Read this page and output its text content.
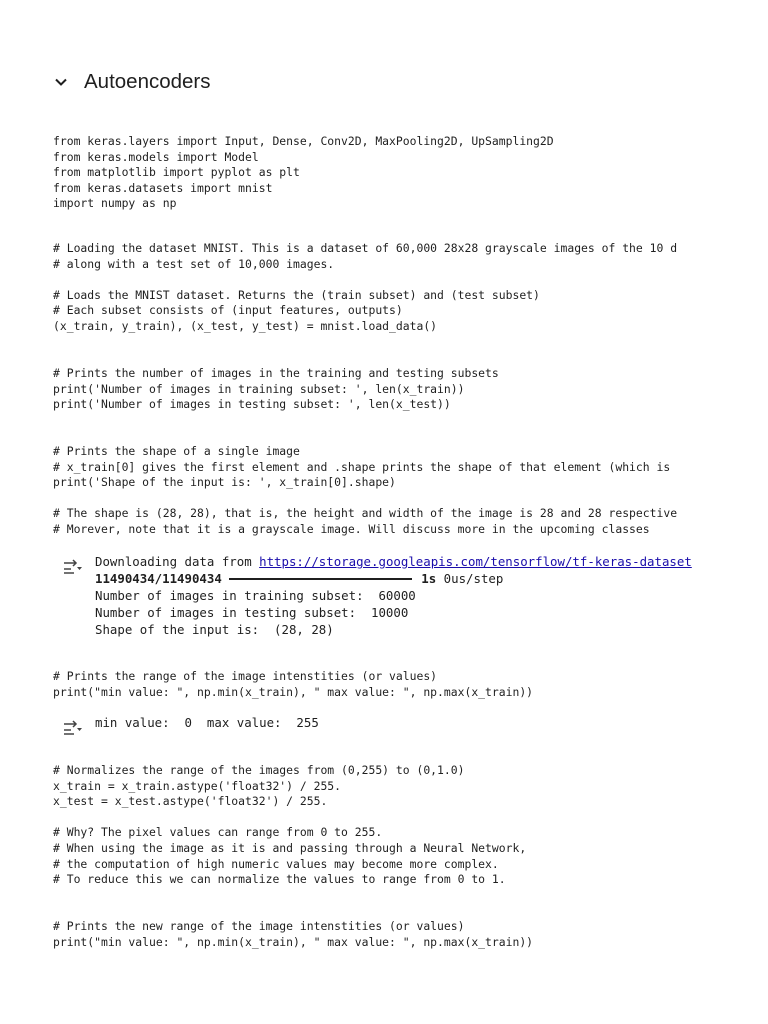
Autoencoders
from keras.layers import Input, Dense, Conv2D, MaxPooling2D, UpSampling2D
from keras.models import Model
from matplotlib import pyplot as plt
from keras.datasets import mnist
import numpy as np
# Loading the dataset MNIST. This is a dataset of 60,000 28x28 grayscale images of the 10 d
# along with a test set of 10,000 images.

# Loads the MNIST dataset. Returns the (train subset) and (test subset)
# Each subset consists of (input features, outputs)
(x_train, y_train), (x_test, y_test) = mnist.load_data()
# Prints the number of images in the training and testing subsets
print('Number of images in training subset: ', len(x_train))
print('Number of images in testing subset: ', len(x_test))
# Prints the shape of a single image
# x_train[0] gives the first element and .shape prints the shape of that element (which is
print('Shape of the input is: ', x_train[0].shape)

# The shape is (28, 28), that is, the height and width of the image is 28 and 28 respective
# Morever, note that it is a grayscale image. Will discuss more in the upcoming classes
Downloading data from https://storage.googleapis.com/tensorflow/tf-keras-dataset
11490434/11490434	1s 0us/step
Number of images in training subset:  60000
Number of images in testing subset:  10000
Shape of the input is:  (28, 28)
# Prints the range of the image intenstities (or values)
print("min value: ", np.min(x_train), " max value: ", np.max(x_train))
min value:  0  max value:  255
# Normalizes the range of the images from (0,255) to (0,1.0)
x_train = x_train.astype('float32') / 255.
x_test = x_test.astype('float32') / 255.

# Why? The pixel values can range from 0 to 255.
# When using the image as it is and passing through a Neural Network,
# the computation of high numeric values may become more complex.
# To reduce this we can normalize the values to range from 0 to 1.
# Prints the new range of the image intenstities (or values)
print("min value: ", np.min(x_train), " max value: ", np.max(x_train))
